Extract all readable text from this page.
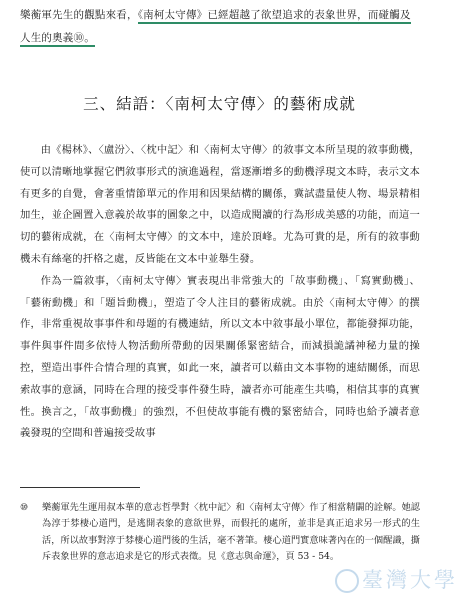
樂蘅軍先生的觀點來看，《南柯太守傳》已經超越了欲望追求的表象世界，而碰觸及人生的奧義⑩。
三、結語：〈南柯太守傳〉的藝術成就

由《楊林》、〈盧汾〉、〈枕中記〉和〈南柯太守傳〉的敘事文本所呈現的敘事動機，使可以清晰地掌握它們敘事形式的演進過程，當逐漸增多的動機浮現文本時，表示文本有更多的自覺，會著重情節單元的作用和因果結構的關係，冀試盡量使人物、場景精相加生，並企圖置入意義於故事的圖象之中，以造成閱讀的行為形成美感的功能，而這一切的藝術成就，在〈南柯太守傳〉的文本中，達於頂峰。尤為可貴的是，所有的敘事動機未有絲毫的扞格之處，反皆能在文本中並舉生發。

作為一篇敘事，〈南柯太守傳〉實表現出非常強大的「故事動機」、「寫實動機」、「藝術動機」和「題旨動機」，塑造了令人注目的藝術成就。由於〈南柯太守傳〉的撰作，非常重視故事事件和母題的有機連結，所以文本中敘事最小單位，都能發揮功能，事件與事件間多依恃人物活動所帶動的因果關係緊密結合，而減損詭譎神秘力量的操控，塑造出事件合情合理的真實，如此一來，讀者可以藉由文本事物的連結關係，而思索故事的意涵，同時在合理的接受事件發生時，讀者亦可能產生共鳴，相信其事的真實性。換言之，「故事動機」的強烈，不但使故事能有機的緊密結合，同時也給予讀者意義發現的空間和普遍接受故事

⑩	樂蘅軍先生運用叔本華的意志哲學對〈枕中記〉和〈南柯太守傳〉作了相當精闢的詮解。她認為淳于棼棲心道門，是逃開表象的意欲世界，而假托的處所，並非是真正追求另一形式的生活，所以故事對淳于棼棲心道門後的生活，毫不著筆。棲心道門實意味著內在的一個醒識，撕斥表象世界的意志追求是它的形式表徵。見《意志與命運》，頁 53 - 54。
臺灣大學
